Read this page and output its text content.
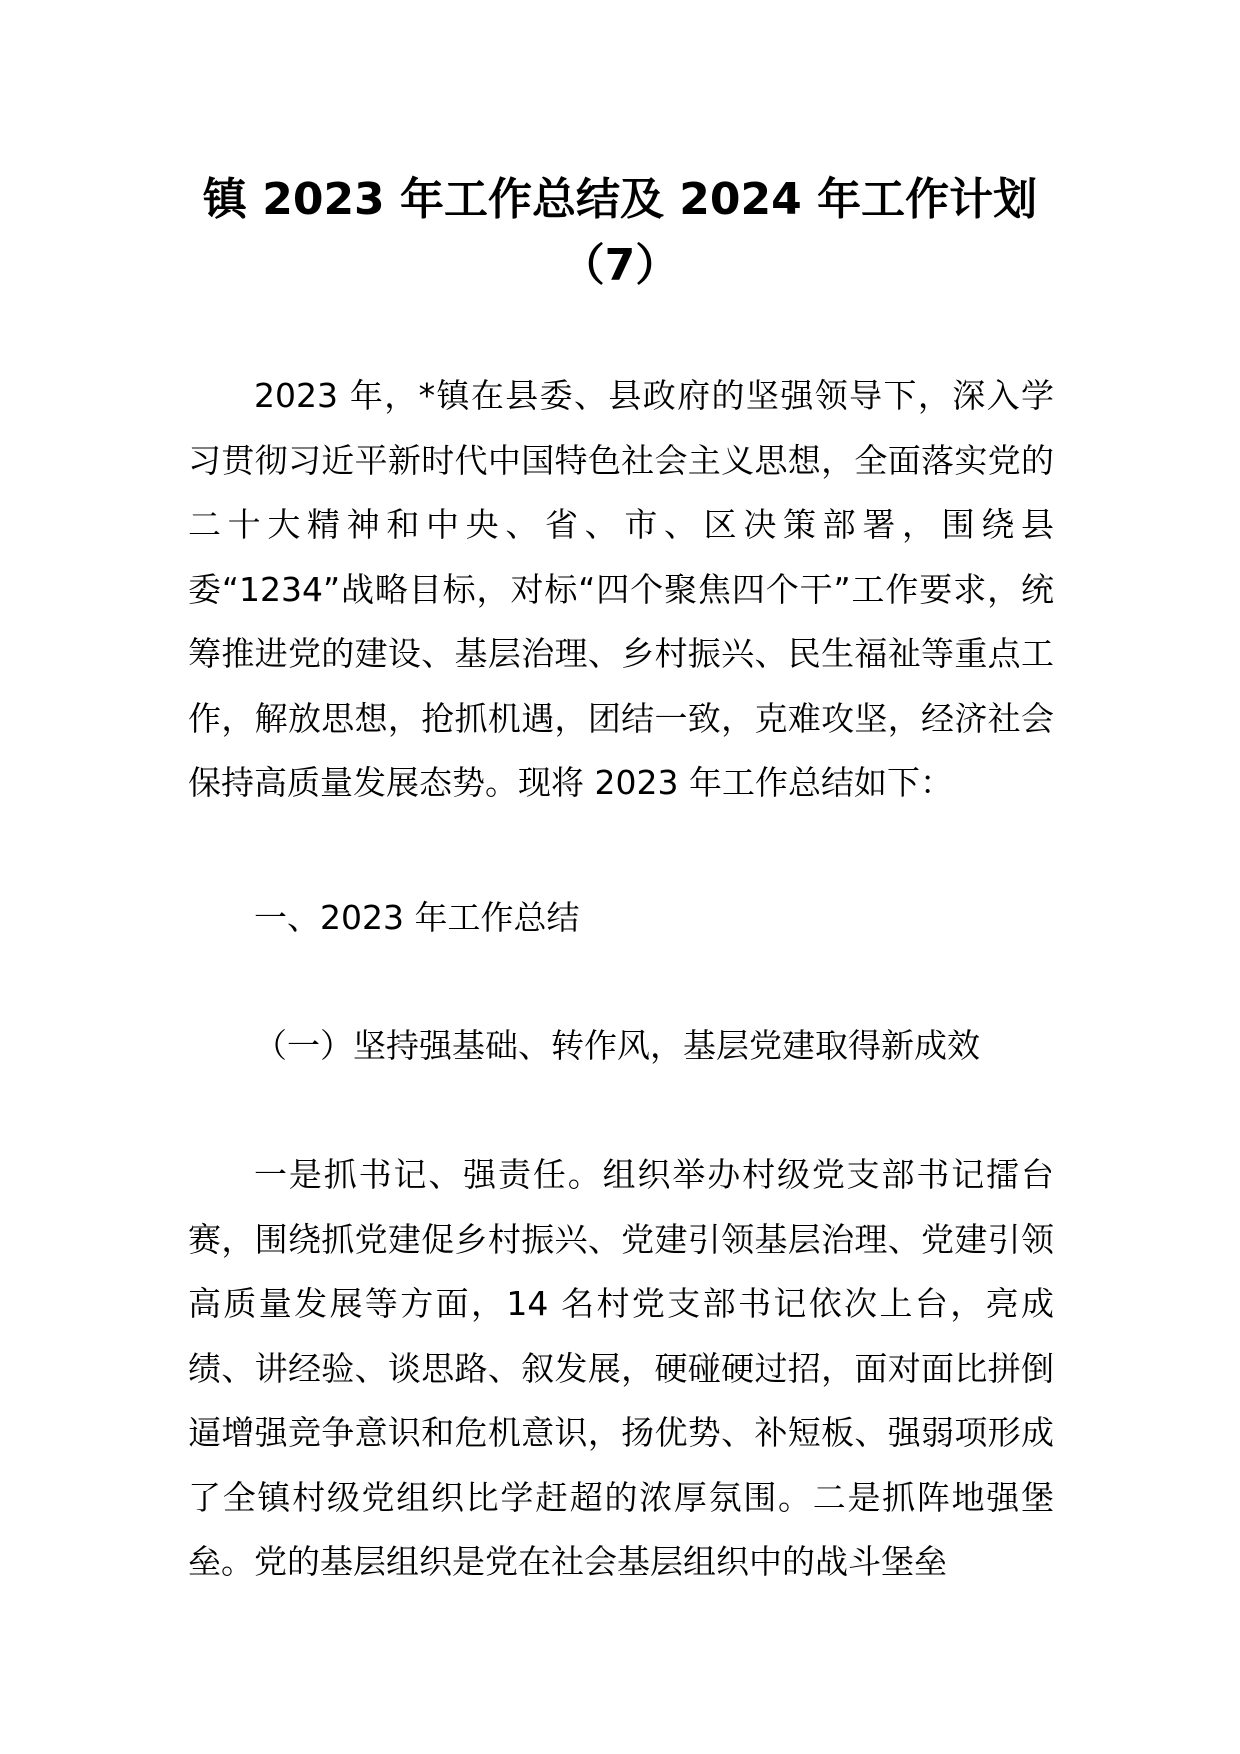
镇 2023 年工作总结及 2024 年工作计划
（7）

2023 年，*镇在县委、县政府的坚强领导下，深入学习贯彻习近平新时代中国特色社会主义思想，全面落实党的二十大精神和中央、省、市、区决策部署，围绕县委“1234”战略目标，对标“四个聚焦四个干”工作要求，统筹推进党的建设、基层治理、乡村振兴、民生福祉等重点工作，解放思想，抢抓机遇，团结一致，克难攻坚，经济社会保持高质量发展态势。现将 2023 年工作总结如下：

一、2023 年工作总结

（一）坚持强基础、转作风，基层党建取得新成效

一是抓书记、强责任。组织举办村级党支部书记擂台赛，围绕抓党建促乡村振兴、党建引领基层治理、党建引领高质量发展等方面，14 名村党支部书记依次上台，亮成绩、讲经验、谈思路、叙发展，硬碰硬过招，面对面比拼倒逼增强竞争意识和危机意识，扬优势、补短板、强弱项形成了全镇村级党组织比学赶超的浓厚氛围。二是抓阵地强堡垒。党的基层组织是党在社会基层组织中的战斗堡垒
